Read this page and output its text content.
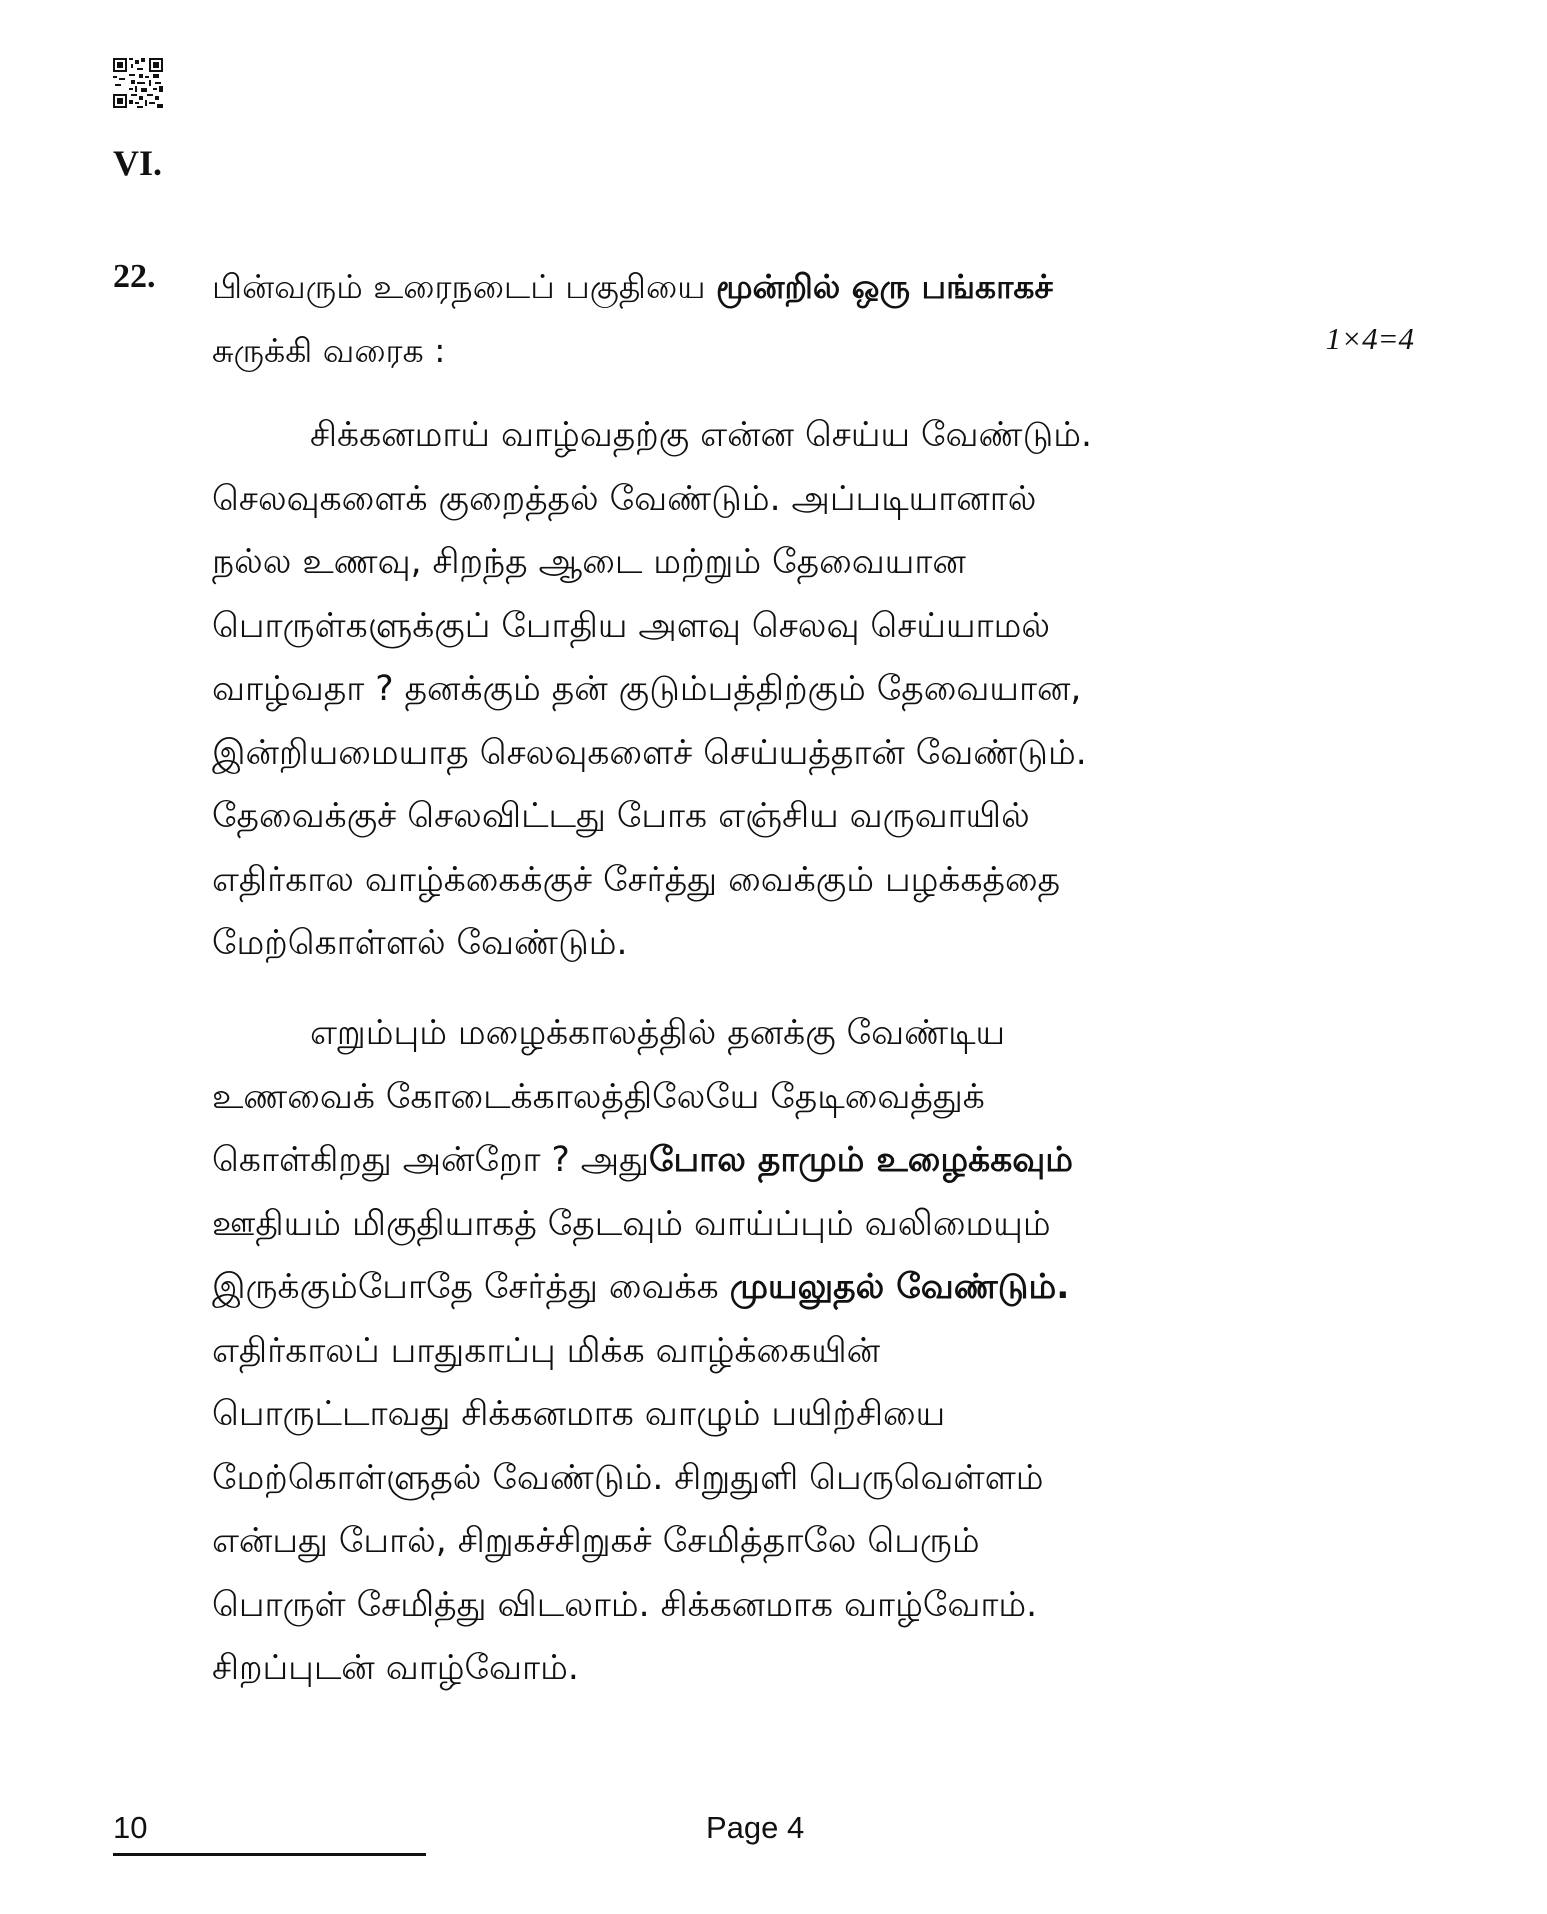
VI.
22. பின்வரும் உரைநடைப் பகுதியை மூன்றில் ஒரு பங்காகச்
சுருக்கி வரைக :	1×4=4

சிக்கனமாய் வாழ்வதற்கு என்ன செய்ய வேண்டும்.
செலவுகளைக் குறைத்தல் வேண்டும். அப்படியானால்
நல்ல உணவு, சிறந்த ஆடை மற்றும் தேவையான
பொருள்களுக்குப் போதிய அளவு செலவு செய்யாமல்
வாழ்வதா ? தனக்கும் தன் குடும்பத்திற்கும் தேவையான,
இன்றியமையாத செலவுகளைச் செய்யத்தான் வேண்டும்.
தேவைக்குச் செலவிட்டது போக எஞ்சிய வருவாயில்
எதிர்கால வாழ்க்கைக்குச் சேர்த்து வைக்கும் பழக்கத்தை
மேற்கொள்ளல் வேண்டும்.

எறும்பும் மழைக்காலத்தில் தனக்கு வேண்டிய
உணவைக் கோடைக்காலத்திலேயே தேடிவைத்துக்
கொள்கிறது அன்றோ ? அதுபோல தாமும் உழைக்கவும்
ஊதியம் மிகுதியாகத் தேடவும் வாய்ப்பும் வலிமையும்
இருக்கும்போதே சேர்த்து வைக்க முயலுதல் வேண்டும்.
எதிர்காலப் பாதுகாப்பு மிக்க வாழ்க்கையின்
பொருட்டாவது சிக்கனமாக வாழும் பயிற்சியை
மேற்கொள்ளுதல் வேண்டும். சிறுதுளி பெருவெள்ளம்
என்பது போல், சிறுகச்சிறுகச் சேமித்தாலே பெரும்
பொருள் சேமித்து விடலாம். சிக்கனமாக வாழ்வோம்.
சிறப்புடன் வாழ்வோம்.

10	Page 4
